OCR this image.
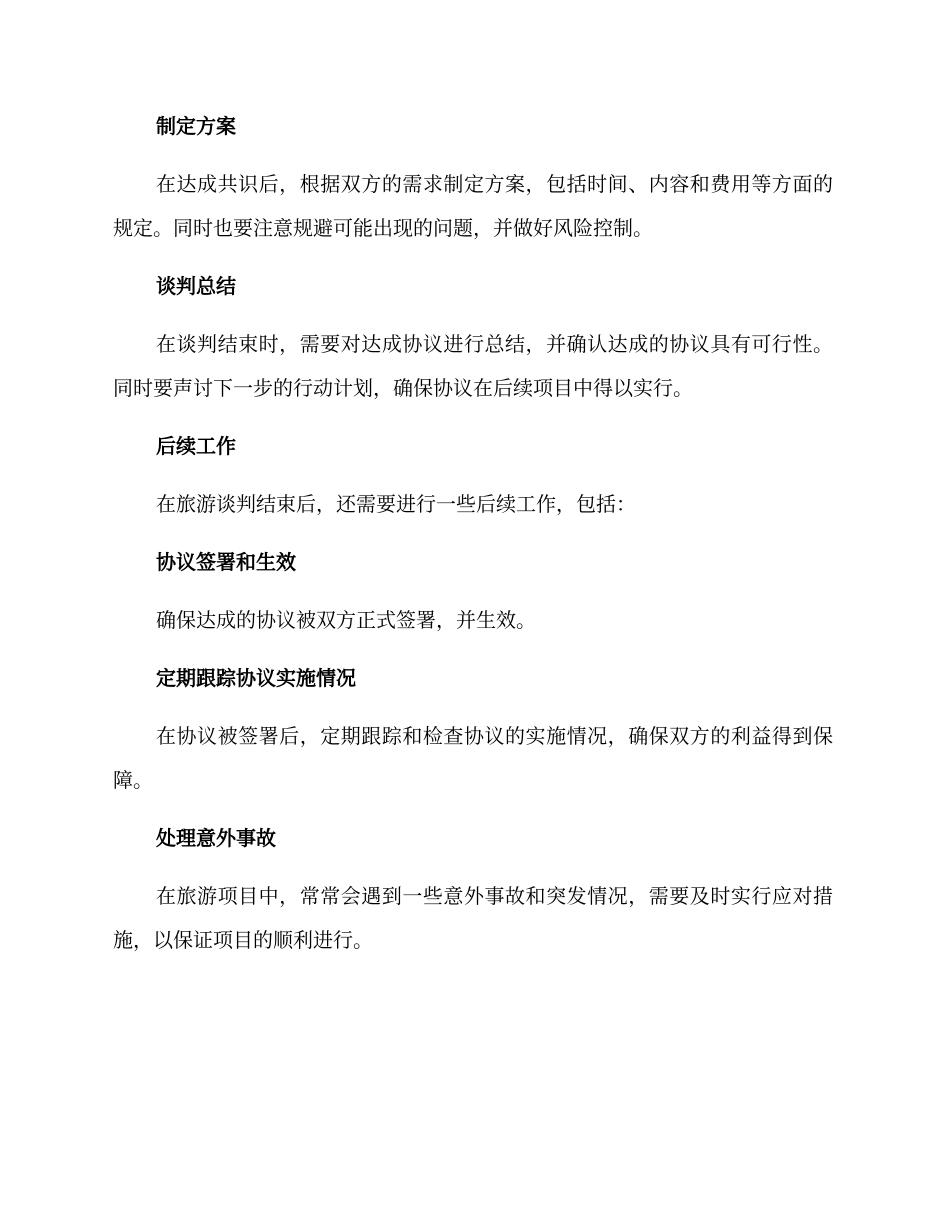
制定方案

在达成共识后，根据双方的需求制定方案，包括时间、内容和费用等方面的规定。同时也要注意规避可能出现的问题，并做好风险控制。

谈判总结

在谈判结束时，需要对达成协议进行总结，并确认达成的协议具有可行性。同时要声讨下一步的行动计划，确保协议在后续项目中得以实行。

后续工作

在旅游谈判结束后，还需要进行一些后续工作，包括：

协议签署和生效

确保达成的协议被双方正式签署，并生效。

定期跟踪协议实施情况

在协议被签署后，定期跟踪和检查协议的实施情况，确保双方的利益得到保障。

处理意外事故

在旅游项目中，常常会遇到一些意外事故和突发情况，需要及时实行应对措施，以保证项目的顺利进行。
